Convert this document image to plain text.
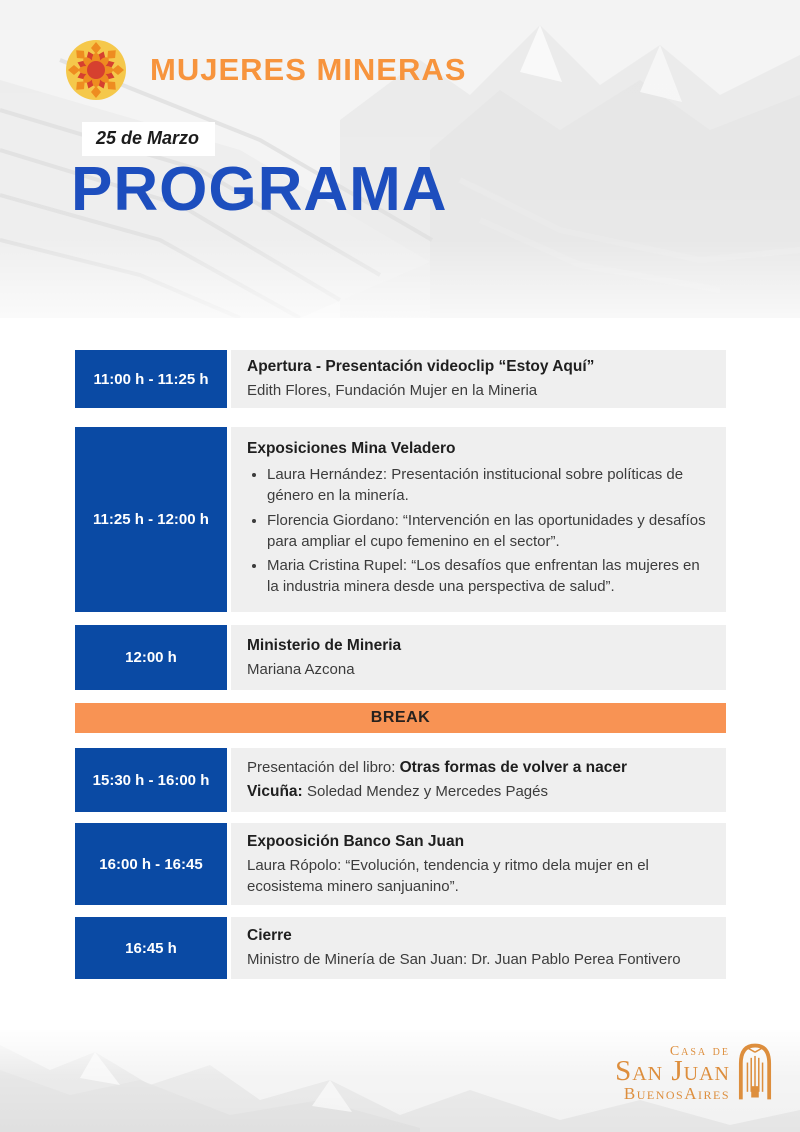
MUJERES MINERAS
25 de Marzo
PROGRAMA
11:00 h - 11:25 h

Apertura - Presentación videoclip “Estoy Aquí”

Edith Flores, Fundación Mujer en la Mineria

11:25 h - 12:00 h

Exposiciones Mina Veladero

• Laura Hernández: Presentación institucional sobre políticas de género en la minería.
• Florencia Giordano: “Intervención en las oportunidades y desafíos para ampliar el cupo femenino en el sector”.
• Maria Cristina Rupel: “Los desafíos que enfrentan las mujeres en la industria minera desde una perspectiva de salud”.
12:00 h

Ministerio de Mineria

Mariana Azcona

BREAK
15:30 h - 16:00 h

Presentación del libro: Otras formas de volver a nacer

Vicuña: Soledad Mendez y Mercedes Pagés

16:00 h - 16:45

Expoosición Banco San Juan

Laura Rópolo: “Evolución, tendencia y ritmo dela mujer en el ecosistema minero sanjuanino”.

16:45 h

Cierre

Ministro de Minería de San Juan: Dr. Juan Pablo Perea Fontivero

Casa de
San Juan
BuenosAires
